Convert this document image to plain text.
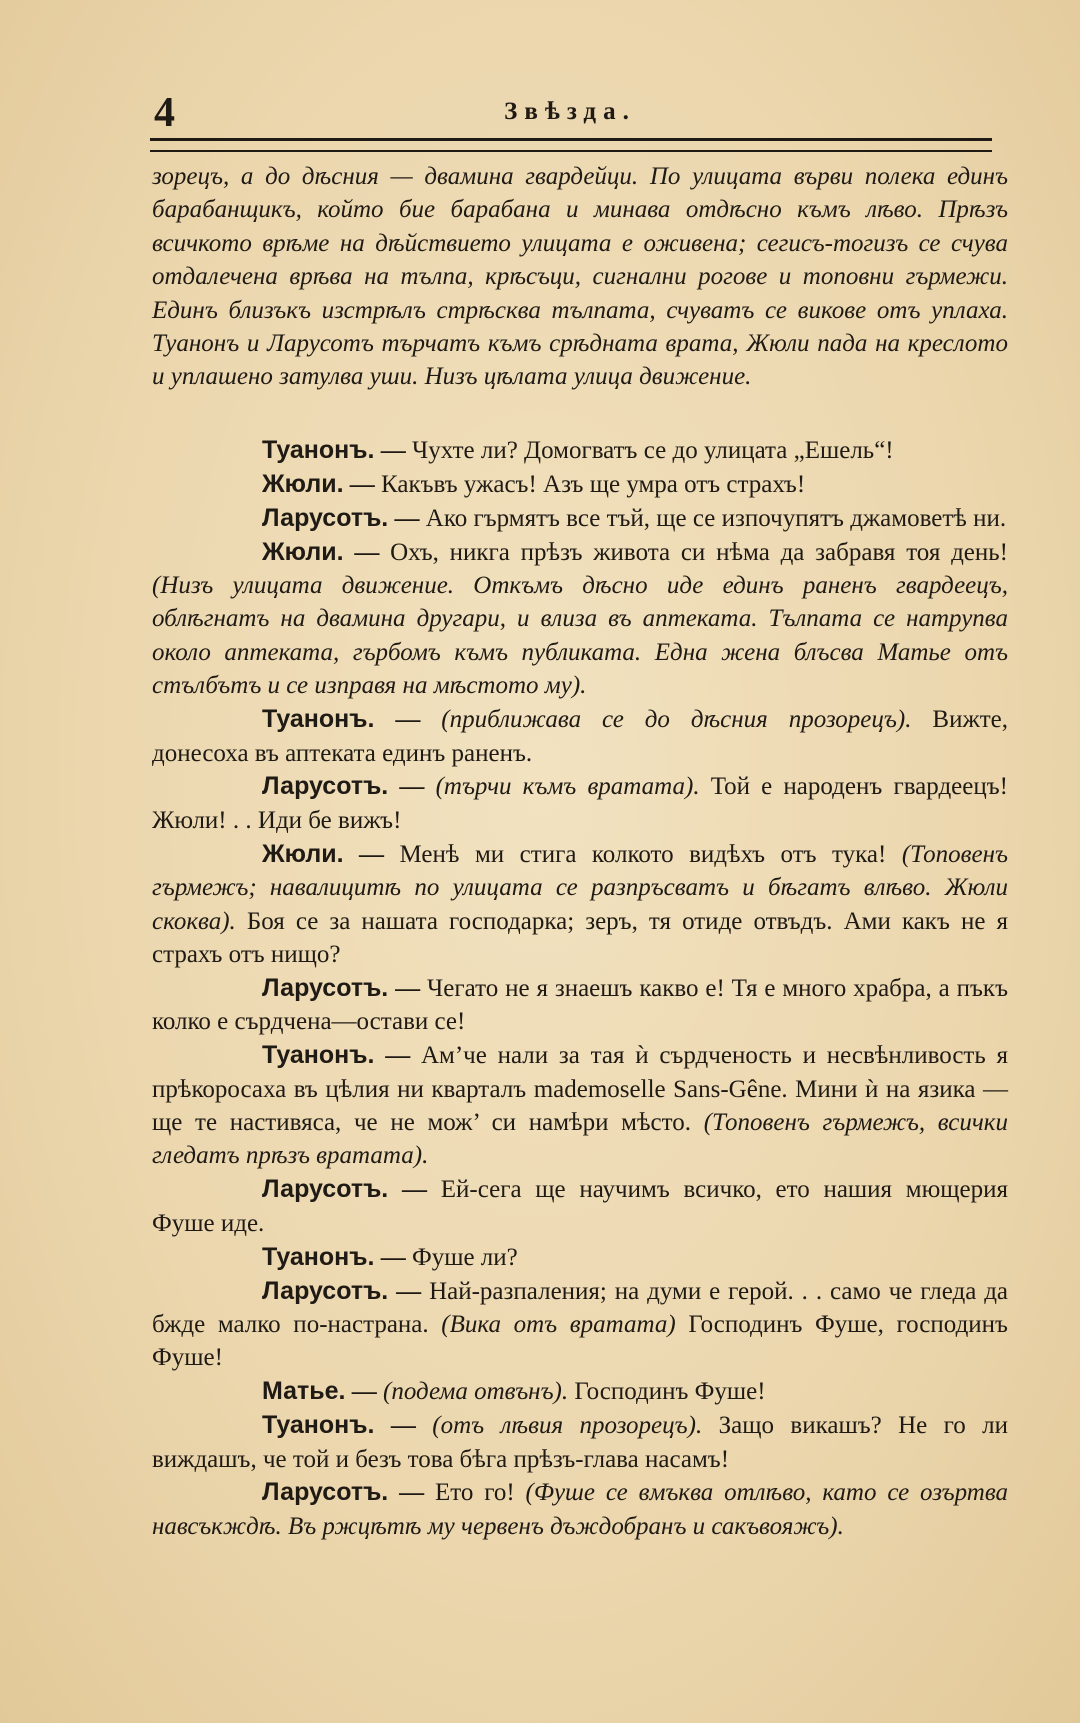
4	Звѣзда.

зорецъ, а до дѣсния — двамина гвардейци. По улицата върви полека единъ барабанщикъ, който бие барабана и минава отдѣсно къмъ лѣво. Прѣзъ всичкото врѣме на дѣйствието улицата е оживена; сегисъ-тогизъ се счува отдалечена врѣва на тълпа, крѣсъци, сигнални рогове и топовни гърмежи. Единъ близъкъ изстрѣлъ стрѣсква тълпата, счуватъ се викове отъ уплаха. Туанонъ и Ларусотъ търчатъ къмъ срѣдната врата, Жюли пада на креслото и уплашено затулва уши. Низъ цѣлата улица движение.

Туанонъ. — Чухте ли? Домогватъ се до улицата „Ешель“!

Жюли. — Какъвъ ужасъ! Азъ ще умра отъ страхъ!

Ларусотъ. — Ако гърмятъ все тъй, ще се изпочупятъ джамоветѣ ни.

Жюли. — Охъ, никга прѣзъ живота си нѣма да забравя тоя день! (Низъ улицата движение. Откъмъ дѣсно иде единъ раненъ гвардеецъ, облѣгнатъ на двамина другари, и влиза въ аптеката. Тълпата се натрупва около аптеката, гърбомъ къмъ публиката. Една жена блъсва Матье отъ стълбътъ и се изправя на мѣстото му).

Туанонъ. — (приближава се до дѣсния прозорецъ). Вижте, донесоха въ аптеката единъ раненъ.

Ларусотъ. — (търчи къмъ вратата). Той е народенъ гвардеецъ! Жюли! . . Иди бе вижъ!

Жюли. — Менѣ ми стига колкото видѣхъ отъ тука! (Топовенъ гърмежъ; навалицитѣ по улицата се разпръсватъ и бѣгатъ влѣво. Жюли скоква). Боя се за нашата господарка; зеръ, тя отиде отвъдъ. Ами какъ не я страхъ отъ нищо?

Ларусотъ. — Чегато не я знаешъ какво е! Тя е много храбра, а пъкъ колко е сърдчена—остави се!

Туанонъ. — Ам’че нали за тая ѝ сърдченость и несвѣнливость я прѣкоросаха въ цѣлия ни кварталъ mademoselle Sans-Gêne. Мини ѝ на язика — ще те настивяса, че не мож’ си намѣри мѣсто. (Топовенъ гърмежъ, всички гледатъ прѣзъ вратата).

Ларусотъ. — Ей-сега ще научимъ всичко, ето нашия мющерия Фуше иде.

Туанонъ. — Фуше ли?

Ларусотъ. — Най-разпаления; на думи е герой. . . само че гледа да бжде малко по-настрана. (Вика отъ вратата) Господинъ Фуше, господинъ Фуше!

Матье. — (подема отвънъ). Господинъ Фуше!

Туанонъ. — (отъ лѣвия прозорецъ). Защо викашъ? Не го ли виждашъ, че той и безъ това бѣга прѣзъ-глава насамъ!

Ларусотъ. — Ето го! (Фуше се вмъква отлѣво, като се озъртва навсъкждѣ. Въ ржцѣтѣ му червенъ дъждобранъ и сакъвояжъ).
